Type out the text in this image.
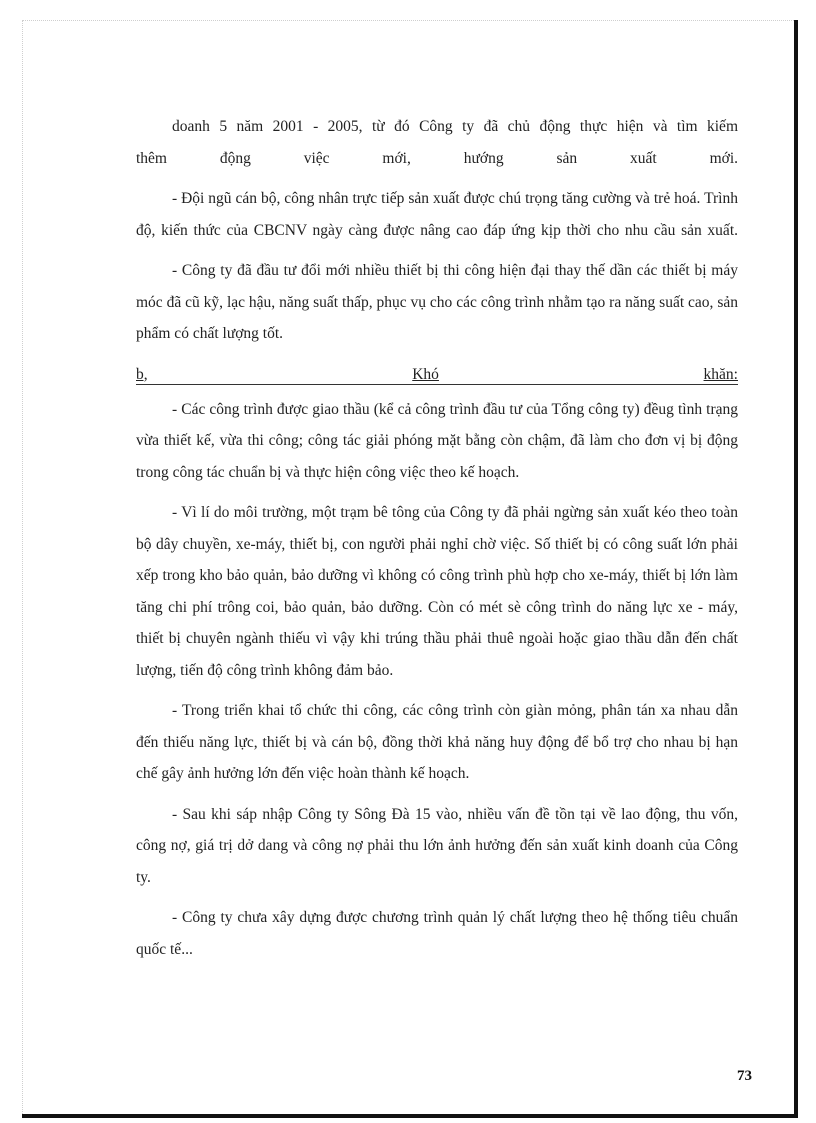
doanh 5 năm 2001 - 2005, từ đó Công ty đã chủ động thực hiện và tìm kiếm
thêm động việc mới, hướng sản xuất mới.

- Đội ngũ cán bộ, công nhân trực tiếp sản xuất được chú trọng tăng cường và trẻ hoá. Trình độ, kiến thức của CBCNV ngày càng được nâng cao đáp ứng kịp thời cho nhu cầu sản xuất.

- Công ty đã đầu tư đổi mới nhiều thiết bị thi công hiện đại thay thế dần các thiết bị máy móc đã cũ kỹ, lạc hậu, năng suất thấp, phục vụ cho các công trình nhằm tạo ra năng suất cao, sản phẩm có chất lượng tốt.

b,	Khó	khăn:

- Các công trình được giao thầu (kể cả công trình đầu tư của Tổng công ty) đềug tình trạng vừa thiết kế, vừa thi công; công tác giải phóng mặt bằng còn chậm, đã làm cho đơn vị bị động trong công tác chuẩn bị và thực hiện công việc theo kế hoạch.

- Vì lí do môi trường, một trạm bê tông của Công ty đã phải ngừng sản xuất kéo theo toàn bộ dây chuyền, xe-máy, thiết bị, con người phải nghỉ chờ việc. Số thiết bị có công suất lớn phải xếp trong kho bảo quản, bảo dưỡng vì không có công trình phù hợp cho xe-máy, thiết bị lớn làm tăng chi phí trông coi, bảo quản, bảo dưỡng. Còn có mét sè công trình do năng lực xe - máy, thiết bị chuyên ngành thiếu vì vậy khi trúng thầu phải thuê ngoài hoặc giao thầu dẫn đến chất lượng, tiến độ công trình không đảm bảo.

- Trong triển khai tổ chức thi công, các công trình còn giàn mỏng, phân tán xa nhau dẫn đến thiếu năng lực, thiết bị và cán bộ, đồng thời khả năng huy động để bổ trợ cho nhau bị hạn chế gây ảnh hưởng lớn đến việc hoàn thành kế hoạch.

- Sau khi sáp nhập Công ty Sông Đà 15 vào, nhiều vấn đề tồn tại về lao động, thu vốn, công nợ, giá trị dở dang và công nợ phải thu lớn ảnh hưởng đến sản xuất kinh doanh của Công ty.

- Công ty chưa xây dựng được chương trình quản lý chất lượng theo hệ thống tiêu chuẩn quốc tế...

73
